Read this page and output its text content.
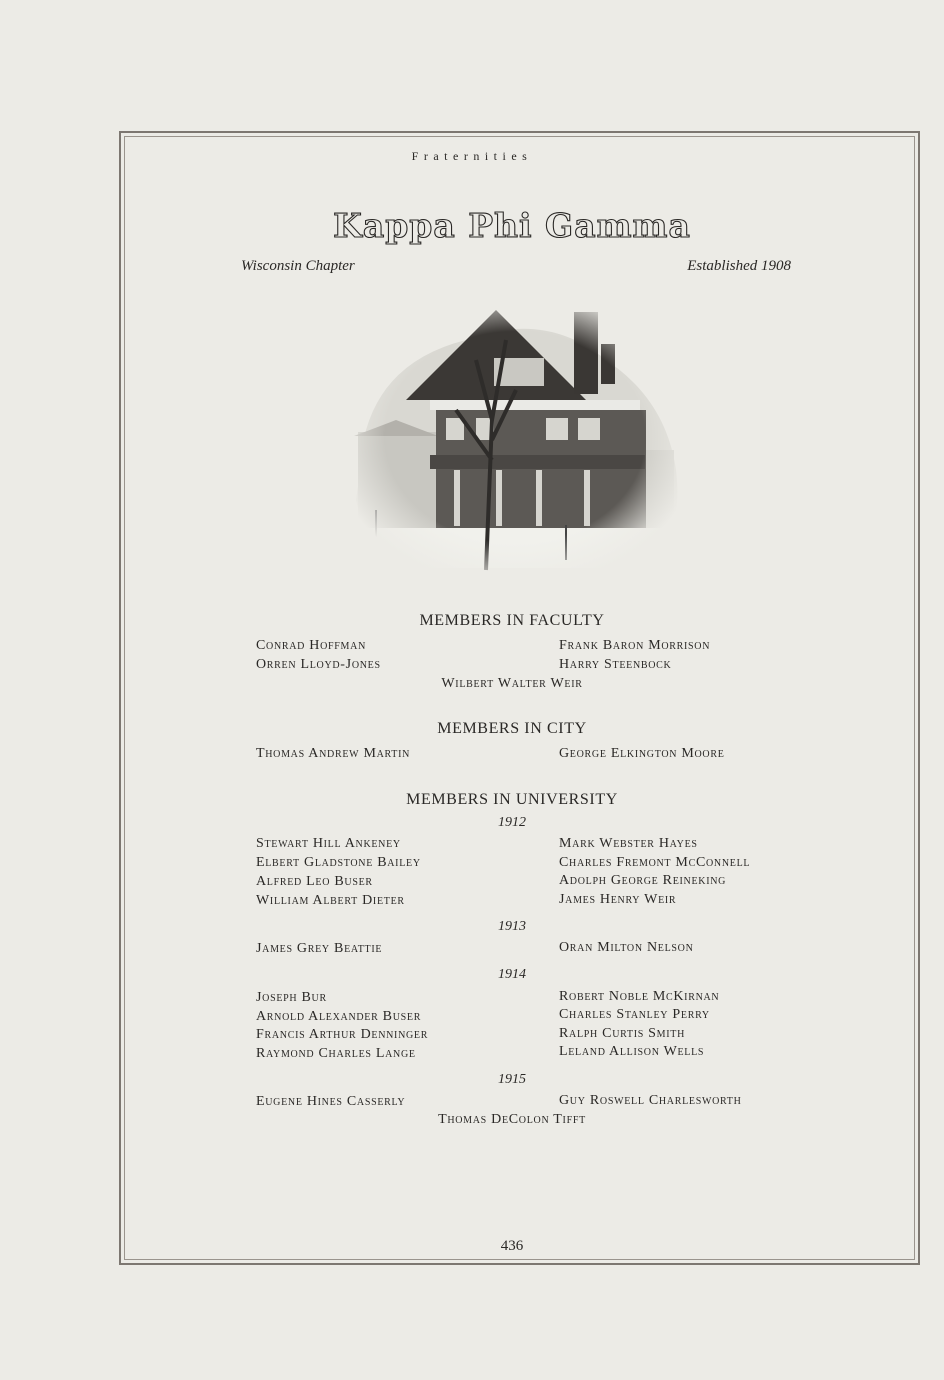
Fraternities
Kappa Phi Gamma
Wisconsin Chapter	Established 1908
MEMBERS IN FACULTY
Conrad Hoffman
Orren Lloyd-Jones
Frank Baron Morrison
Harry Steenbock
Wilbert Walter Weir
MEMBERS IN CITY
Thomas Andrew Martin	George Elkington Moore
MEMBERS IN UNIVERSITY
1912
Stewart Hill Ankeney
Elbert Gladstone Bailey
Alfred Leo Buser
William Albert Dieter
Mark Webster Hayes
Charles Fremont McConnell
Adolph George Reineking
James Henry Weir
1913
James Grey Beattie	Oran Milton Nelson
1914
Joseph Bur
Arnold Alexander Buser
Francis Arthur Denninger
Raymond Charles Lange
Robert Noble McKirnan
Charles Stanley Perry
Ralph Curtis Smith
Leland Allison Wells
1915
Eugene Hines Casserly	Guy Roswell Charlesworth
Thomas DeColon Tifft
436
